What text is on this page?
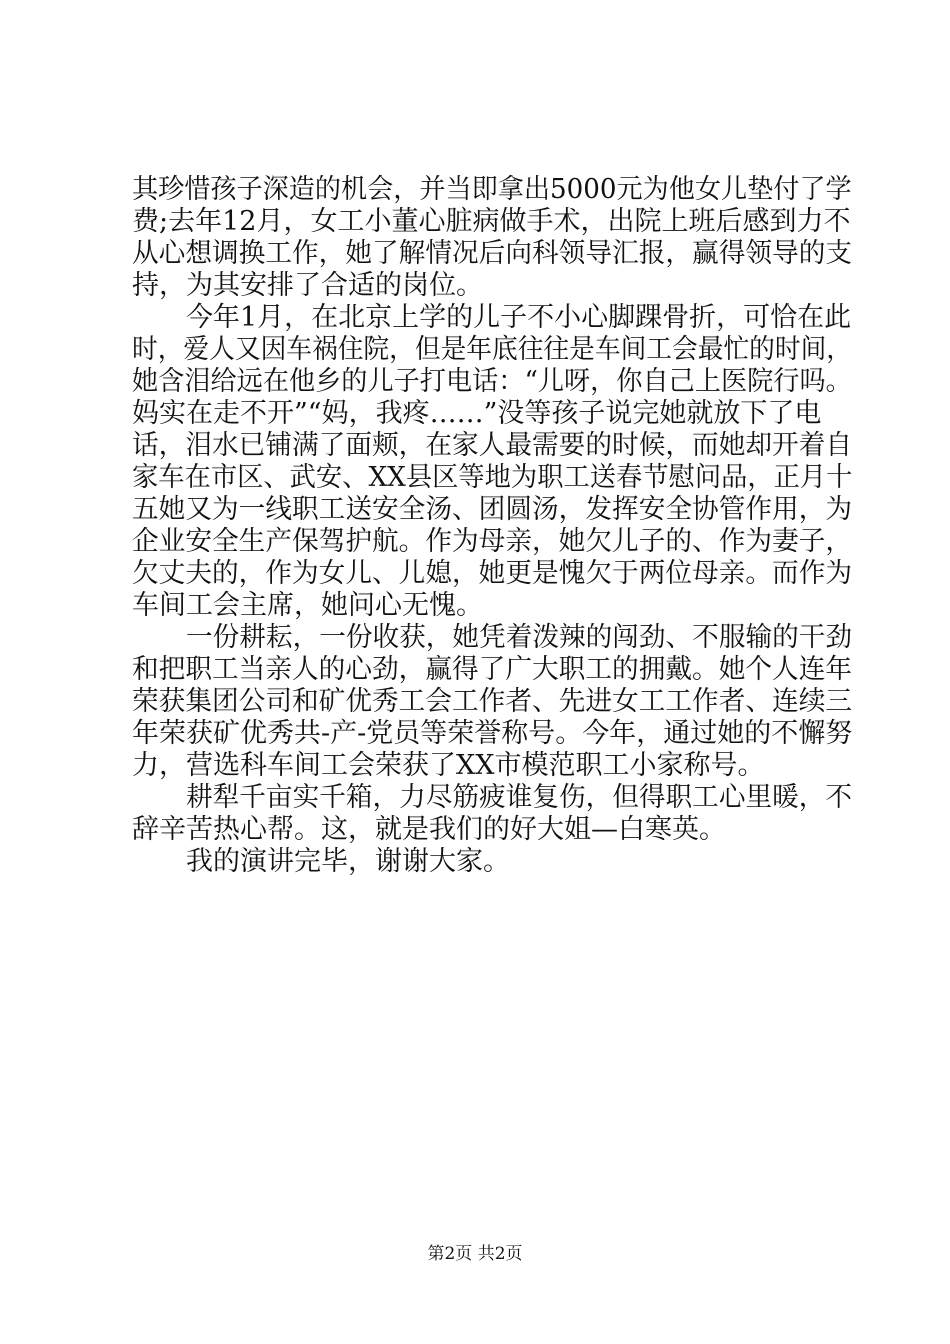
其珍惜孩子深造的机会，并当即拿出5000元为他女儿垫付了学
费;去年12月，女工小董心脏病做手术，出院上班后感到力不
从心想调换工作，她了解情况后向科领导汇报，赢得领导的支
持，为其安排了合适的岗位。
今年1月，在北京上学的儿子不小心脚踝骨折，可恰在此
时，爱人又因车祸住院，但是年底往往是车间工会最忙的时间，
她含泪给远在他乡的儿子打电话：“儿呀，你自己上医院行吗。
妈实在走不开”“妈，我疼……”没等孩子说完她就放下了电
话，泪水已铺满了面颊，在家人最需要的时候，而她却开着自
家车在市区、武安、XX县区等地为职工送春节慰问品，正月十
五她又为一线职工送安全汤、团圆汤，发挥安全协管作用，为
企业安全生产保驾护航。作为母亲，她欠儿子的、作为妻子，
欠丈夫的，作为女儿、儿媳，她更是愧欠于两位母亲。而作为
车间工会主席，她问心无愧。
一份耕耘，一份收获，她凭着泼辣的闯劲、不服输的干劲
和把职工当亲人的心劲，赢得了广大职工的拥戴。她个人连年
荣获集团公司和矿优秀工会工作者、先进女工工作者、连续三
年荣获矿优秀共-产-党员等荣誉称号。今年，通过她的不懈努
力，营选科车间工会荣获了XX市模范职工小家称号。
耕犁千亩实千箱，力尽筋疲谁复伤，但得职工心里暖，不
辞辛苦热心帮。这，就是我们的好大姐—白寒英。
我的演讲完毕，谢谢大家。
第2页 共2页
